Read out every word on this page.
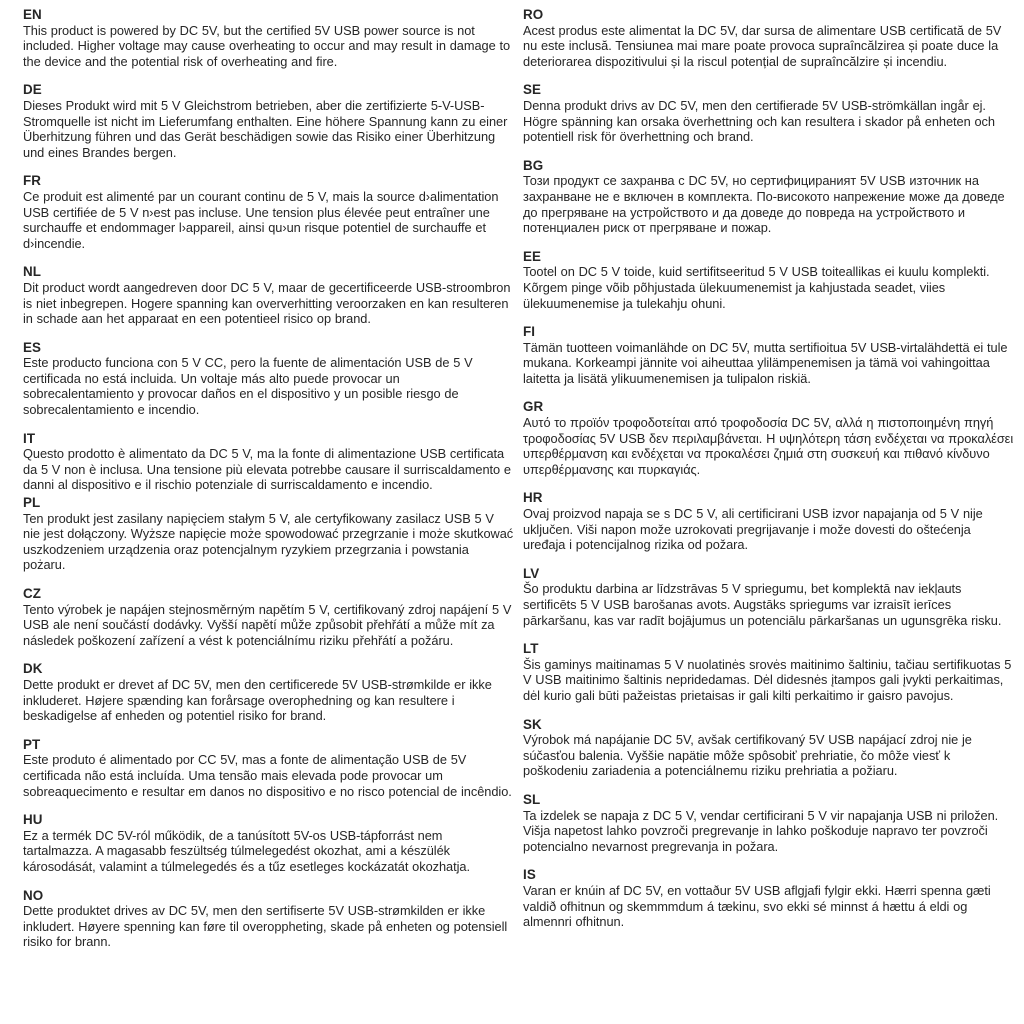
EN

This product is powered by DC 5V, but the certified 5V USB power source is not included. Higher voltage may cause overheating to occur and may result in damage to the device and the potential risk of overheating and fire.

DE

Dieses Produkt wird mit 5 V Gleichstrom betrieben, aber die zertifizierte 5-V-USB-Stromquelle ist nicht im Lieferumfang enthalten. Eine höhere Spannung kann zu einer Überhitzung führen und das Gerät beschädigen sowie das Risiko einer Überhitzung und eines Brandes bergen.

FR

Ce produit est alimenté par un courant continu de 5 V, mais la source d›alimentation USB certifiée de 5 V n›est pas incluse. Une tension plus élevée peut entraîner une surchauffe et endommager l›appareil, ainsi qu›un risque potentiel de surchauffe et d›incendie.

NL

Dit product wordt aangedreven door DC 5 V, maar de gecertificeerde USB-stroombron is niet inbegrepen. Hogere spanning kan oververhitting veroorzaken en kan resulteren in schade aan het apparaat en een potentieel risico op brand.

ES

Este producto funciona con 5 V CC, pero la fuente de alimentación USB de 5 V certificada no está incluida. Un voltaje más alto puede provocar un sobrecalentamiento y provocar daños en el dispositivo y un posible riesgo de sobrecalentamiento e incendio.

IT

Questo prodotto è alimentato da DC 5 V, ma la fonte di alimentazione USB certificata da 5 V non è inclusa. Una tensione più elevata potrebbe causare il surriscaldamento e danni al dispositivo e il rischio potenziale di surriscaldamento e incendio.

PL

Ten produkt jest zasilany napięciem stałym 5 V, ale certyfikowany zasilacz USB 5 V nie jest dołączony. Wyższe napięcie może spowodować przegrzanie i może skutkować uszkodzeniem urządzenia oraz potencjalnym ryzykiem przegrzania i powstania pożaru.

CZ

Tento výrobek je napájen stejnosměrným napětím 5 V, certifikovaný zdroj napájení 5 V USB ale není součástí dodávky. Vyšší napětí může způsobit přehřátí a může mít za následek poškození zařízení a vést k potenciálnímu riziku přehřátí a požáru.

DK

Dette produkt er drevet af DC 5V, men den certificerede 5V USB-strømkilde er ikke inkluderet. Højere spænding kan forårsage overophedning og kan resultere i beskadigelse af enheden og potentiel risiko for brand.

PT

Este produto é alimentado por CC 5V, mas a fonte de alimentação USB de 5V certificada não está incluída. Uma tensão mais elevada pode provocar um sobreaquecimento e resultar em danos no dispositivo e no risco potencial de incêndio.

HU

Ez a termék DC 5V-ról működik, de a tanúsított 5V-os USB-tápforrást nem tartalmazza. A magasabb feszültség túlmelegedést okozhat, ami a készülék károsodását, valamint a túlmelegedés és a tűz esetleges kockázatát okozhatja.

NO

Dette produktet drives av DC 5V, men den sertifiserte 5V USB-strømkilden er ikke inkludert. Høyere spenning kan føre til overoppheting, skade på enheten og potensiell risiko for brann.

RO

Acest produs este alimentat la DC 5V, dar sursa de alimentare USB certificată de 5V nu este inclusă. Tensiunea mai mare poate provoca supraîncălzirea și poate duce la deteriorarea dispozitivului și la riscul potențial de supraîncălzire și incendiu.

SE

Denna produkt drivs av DC 5V, men den certifierade 5V USB-strömkällan ingår ej. Högre spänning kan orsaka överhettning och kan resultera i skador på enheten och potentiell risk för överhettning och brand.

BG

Този продукт се захранва с DC 5V, но сертифицираният 5V USB източник на захранване не е включен в комплекта. По-високото напрежение може да доведе до прегряване на устройството и да доведе до повреда на устройството и потенциален риск от прегряване и пожар.

EE

Tootel on DC 5 V toide, kuid sertifitseeritud 5 V USB toiteallikas ei kuulu komplekti. Kõrgem pinge võib põhjustada ülekuumenemist ja kahjustada seadet, viies ülekuumenemise ja tulekahju ohuni.

FI

Tämän tuotteen voimanlähde on DC 5V, mutta sertifioitua 5V USB-virtalähdettä ei tule mukana. Korkeampi jännite voi aiheuttaa ylilämpenemisen ja tämä voi vahingoittaa laitetta ja lisätä ylikuumenemisen ja tulipalon riskiä.

GR

Αυτό το προϊόν τροφοδοτείται από τροφοδοσία DC 5V, αλλά η πιστοποιημένη πηγή τροφοδοσίας 5V USB δεν περιλαμβάνεται. Η υψηλότερη τάση ενδέχεται να προκαλέσει υπερθέρμανση και ενδέχεται να προκαλέσει ζημιά στη συσκευή και πιθανό κίνδυνο υπερθέρμανσης και πυρκαγιάς.

HR

Ovaj proizvod napaja se s DC 5 V, ali certificirani USB izvor napajanja od 5 V nije uključen. Viši napon može uzrokovati pregrijavanje i može dovesti do oštećenja uređaja i potencijalnog rizika od požara.

LV

Šo produktu darbina ar līdzstrāvas 5 V spriegumu, bet komplektā nav iekļauts sertificēts 5 V USB barošanas avots. Augstāks spriegums var izraisīt ierīces pārkaršanu, kas var radīt bojājumus un potenciālu pārkaršanas un ugunsgrēka risku.

LT

Šis gaminys maitinamas 5 V nuolatinės srovės maitinimo šaltiniu, tačiau sertifikuotas 5 V USB maitinimo šaltinis nepridedamas. Dėl didesnės įtampos gali įvykti perkaitimas, dėl kurio gali būti pažeistas prietaisas ir gali kilti perkaitimo ir gaisro pavojus.

SK

Výrobok má napájanie DC 5V, avšak certifikovaný 5V USB napájací zdroj nie je súčasťou balenia. Vyššie napätie môže spôsobiť prehriatie, čo môže viesť k poškodeniu zariadenia a potenciálnemu riziku prehriatia a požiaru.

SL

Ta izdelek se napaja z DC 5 V, vendar certificirani 5 V vir napajanja USB ni priložen. Višja napetost lahko povzroči pregrevanje in lahko poškoduje napravo ter povzroči potencialno nevarnost pregrevanja in požara.

IS

Varan er knúin af DC 5V, en vottaður 5V USB aflgjafi fylgir ekki. Hærri spenna gæti valdið ofhitnun og skemmmdum á tækinu, svo ekki sé minnst á hættu á eldi og almennri ofhitnun.
